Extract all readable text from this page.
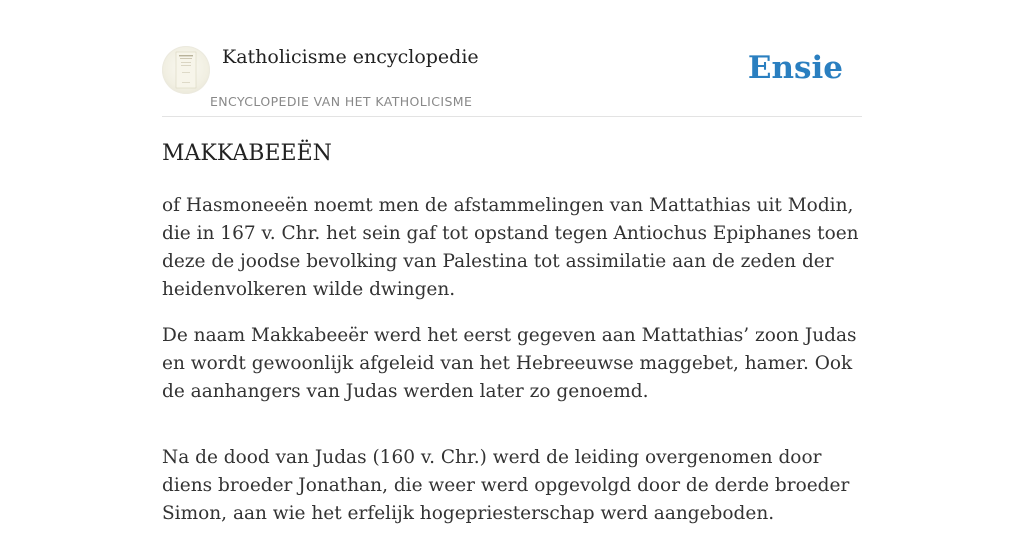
Katholicisme encyclopedie
ENCYCLOPEDIE VAN HET KATHOLICISME
Ensie
MAKKABEEËN

of Hasmoneeën noemt men de afstammelingen van Mattathias uit Modin, die in 167 v. Chr. het sein gaf tot opstand tegen Antiochus Epiphanes toen deze de joodse bevolking van Palestina tot assimilatie aan de zeden der heidenvolkeren wilde dwingen.

De naam Makkabeeër werd het eerst gegeven aan Mattathias’ zoon Judas en wordt gewoonlijk afgeleid van het Hebreeuwse maggebet, hamer. Ook de aanhangers van Judas werden later zo genoemd.

Na de dood van Judas (160 v. Chr.) werd de leiding overgenomen door diens broeder Jonathan, die weer werd opgevolgd door de derde broeder Simon, aan wie het erfelijk hogepriesterschap werd aangeboden.
